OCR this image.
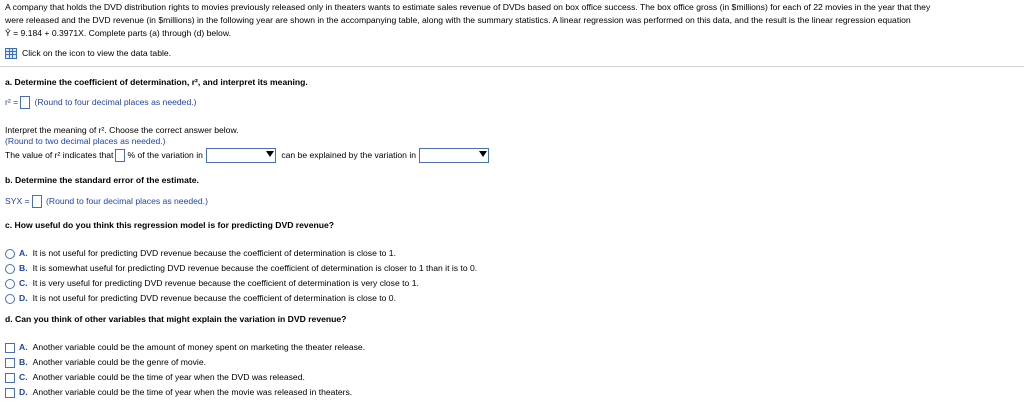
A company that holds the DVD distribution rights to movies previously released only in theaters wants to estimate sales revenue of DVDs based on box office success. The box office gross (in $millions) for each of 22 movies in the year that they
were released and the DVD revenue (in $millions) in the following year are shown in the accompanying table, along with the summary statistics. A linear regression was performed on this data, and the result is the linear regression equation
Ŷ = 9.184 + 0.3971X. Complete parts (a) through (d) below.
Click on the icon to view the data table.
a. Determine the coefficient of determination, r², and interpret its meaning.
r² = (Round to four decimal places as needed.)
Interpret the meaning of r². Choose the correct answer below.
(Round to two decimal places as needed.)
The value of r² indicates that % of the variation in	can be explained by the variation in
b. Determine the standard error of the estimate.
SYX = (Round to four decimal places as needed.)
c. How useful do you think this regression model is for predicting DVD revenue?
A. It is not useful for predicting DVD revenue because the coefficient of determination is close to 1.
B. It is somewhat useful for predicting DVD revenue because the coefficient of determination is closer to 1 than it is to 0.
C. It is very useful for predicting DVD revenue because the coefficient of determination is very close to 1.
D. It is not useful for predicting DVD revenue because the coefficient of determination is close to 0.
d. Can you think of other variables that might explain the variation in DVD revenue?
A. Another variable could be the amount of money spent on marketing the theater release.
B. Another variable could be the genre of movie.
C. Another variable could be the time of year when the DVD was released.
D. Another variable could be the time of year when the movie was released in theaters.
